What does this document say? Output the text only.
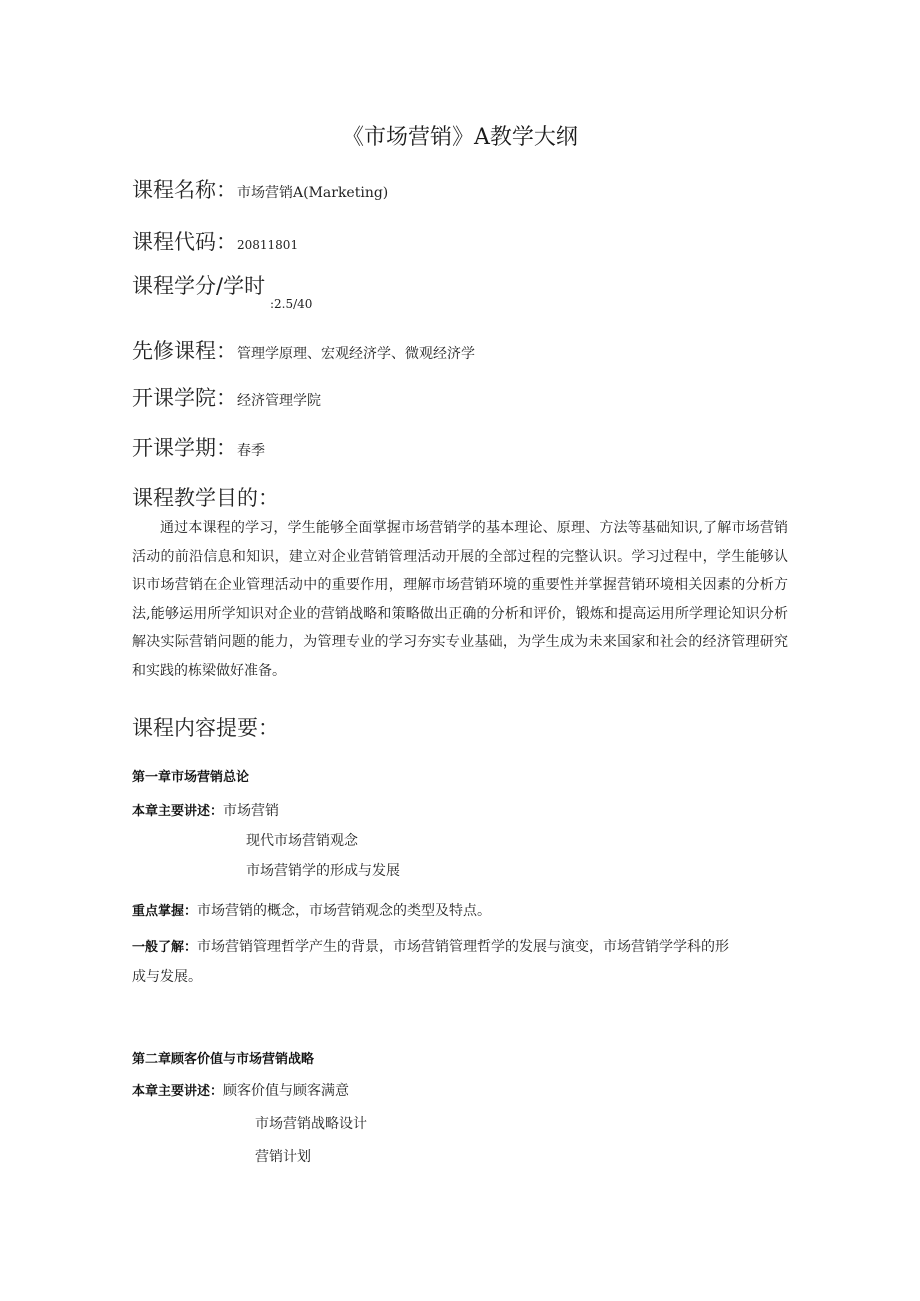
《市场营销》A教学大纲
课程名称：市场营销A(Marketing)
课程代码：20811801
课程学分/学时
:2.5/40
先修课程：管理学原理、宏观经济学、微观经济学
开课学院：经济管理学院
开课学期：春季
课程教学目的：
通过本课程的学习，学生能够全面掌握市场营销学的基本理论、原理、方法等基础知识,了解市场营销活动的前沿信息和知识，建立对企业营销管理活动开展的全部过程的完整认识。学习过程中，学生能够认识市场营销在企业管理活动中的重要作用，理解市场营销环境的重要性并掌握营销环境相关因素的分析方法,能够运用所学知识对企业的营销战略和策略做出正确的分析和评价，锻炼和提高运用所学理论知识分析解决实际营销问题的能力，为管理专业的学习夯实专业基础，为学生成为未来国家和社会的经济管理研究和实践的栋梁做好准备。
课程内容提要：
第一章市场营销总论
本章主要讲述：市场营销
现代市场营销观念
市场营销学的形成与发展
重点掌握：市场营销的概念，市场营销观念的类型及特点。
一般了解：市场营销管理哲学产生的背景，市场营销管理哲学的发展与演变，市场营销学学科的形
成与发展。
第二章顾客价值与市场营销战略
本章主要讲述：顾客价值与顾客满意
市场营销战略设计
营销计划
